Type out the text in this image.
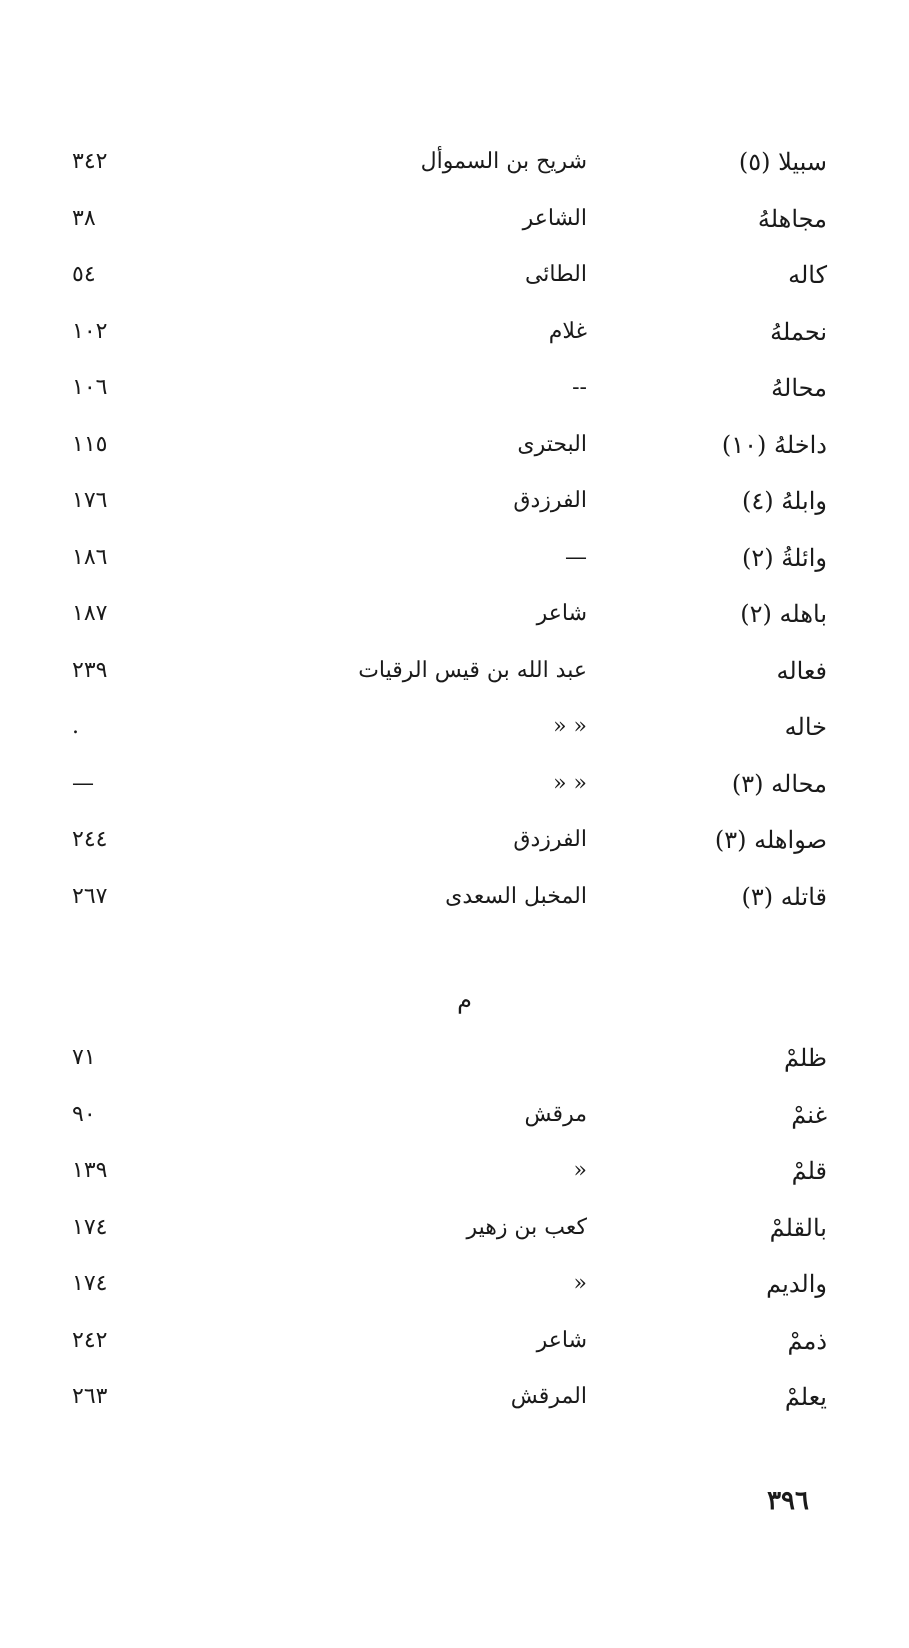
سبيلا (٥)
شريح بن السموأل
٣٤٢
مجاهلهُ
الشاعر
٣٨
كاله
الطائى
٥٤
نحملهُ
غلام
١٠٢
محالهُ
--
١٠٦
داخلهُ (١٠)
البحترى
١١٥
وابلهُ (٤)
الفرزدق
١٧٦
وائلةُ (٢)
—
١٨٦
باهله (٢)
شاعر
١٨٧
فعاله
عبد الله بن قيس الرقيات
٢٣٩
خاله
« «
.
محاله (٣)
« «
—
صواهله (٣)
الفرزدق
٢٤٤
قاتله (٣)
المخبل السعدى
٢٦٧
م
ظلمْ
٧١
غنمْ
مرقش
٩٠
قلمْ
«
١٣٩
بالقلمْ
كعب بن زهير
١٧٤
والديم
«
١٧٤
ذممْ
شاعر
٢٤٢
يعلمْ
المرقش
٢٦٣
٣٩٦
